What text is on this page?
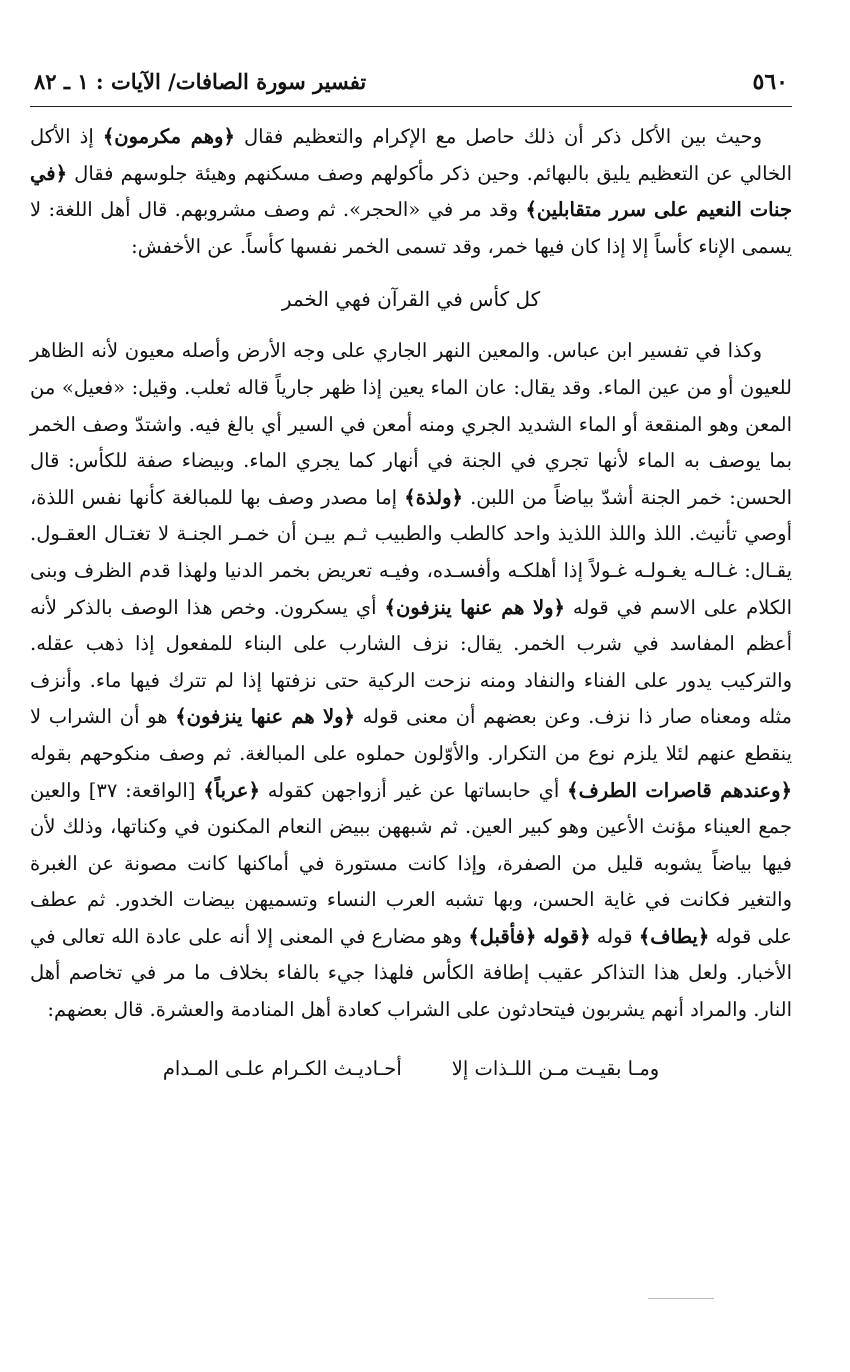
٥٦٠
تفسير سورة الصافات/ الآيات : ١ ـ ٨٢

وحيث بين الأكل ذكر أن ذلك حاصل مع الإكرام والتعظيم فقال ﴿وهم مكرمون﴾ إذ الأكل الخالي عن التعظيم يليق بالبهائم. وحين ذكر مأكولهم وصف مسكنهم وهيئة جلوسهم فقال ﴿في جنات النعيم على سرر متقابلين﴾ وقد مر في «الحجر». ثم وصف مشروبهم. قال أهل اللغة: لا يسمى الإناء كأساً إلا إذا كان فيها خمر، وقد تسمى الخمر نفسها كأساً. عن الأخفش:

كل كأس في القرآن فهي الخمر

وكذا في تفسير ابن عباس. والمعين النهر الجاري على وجه الأرض وأصله معيون لأنه الظاهر للعيون أو من عين الماء. وقد يقال: عان الماء يعين إذا ظهر جارياً قاله ثعلب. وقيل: «فعيل» من المعن وهو المنقعة أو الماء الشديد الجري ومنه أمعن في السير أي بالغ فيه. واشتدّ وصف الخمر بما يوصف به الماء لأنها تجري في الجنة في أنهار كما يجري الماء. وبيضاء صفة للكأس: قال الحسن: خمر الجنة أشدّ بياضاً من اللبن. ﴿ولذة﴾ إما مصدر وصف بها للمبالغة كأنها نفس اللذة، أوصي تأنيث. اللذ واللذ اللذيذ واحد كالطب والطبيب ثـم بيـن أن خمـر الجنـة لا تغتـال العقـول. يقـال: غـالـه يغـولـه غـولاً إذا أهلكـه وأفسـده، وفيـه تعريض بخمر الدنيا ولهذا قدم الظرف وبنى الكلام على الاسم في قوله ﴿ولا هم عنها ينزفون﴾ أي يسكرون. وخص هذا الوصف بالذكر لأنه أعظم المفاسد في شرب الخمر. يقال: نزف الشارب على البناء للمفعول إذا ذهب عقله. والتركيب يدور على الفناء والنفاد ومنه نزحت الركية حتى نزفتها إذا لم تترك فيها ماء. وأنزف مثله ومعناه صار ذا نزف. وعن بعضهم أن معنى قوله ﴿ولا هم عنها ينزفون﴾ هو أن الشراب لا ينقطع عنهم لئلا يلزم نوع من التكرار. والأوّلون حملوه على المبالغة. ثم وصف منكوحهم بقوله ﴿وعندهم قاصرات الطرف﴾ أي حابساتها عن غير أزواجهن كقوله ﴿عرباً﴾ [الواقعة: ٣٧] والعين جمع العيناء مؤنث الأعين وهو كبير العين. ثم شبههن ببيض النعام المكنون في وكناتها، وذلك لأن فيها بياضاً يشوبه قليل من الصفرة، وإذا كانت مستورة في أماكنها كانت مصونة عن الغبرة والتغير فكانت في غاية الحسن، وبها تشبه العرب النساء وتسميهن بيضات الخدور. ثم عطف على قوله ﴿يطاف﴾ قوله ﴿قوله ﴿فأقبل﴾ وهو مضارع في المعنى إلا أنه على عادة الله تعالى في الأخبار. ولعل هذا التذاكر عقيب إطافة الكأس فلهذا جيء بالفاء بخلاف ما مر في تخاصم أهل النار. والمراد أنهم يشربون فيتحادثون على الشراب كعادة أهل المنادمة والعشرة. قال بعضهم:

ومـا بقيـت مـن اللـذات إلا
أحـاديـث الكـرام علـى المـدام
